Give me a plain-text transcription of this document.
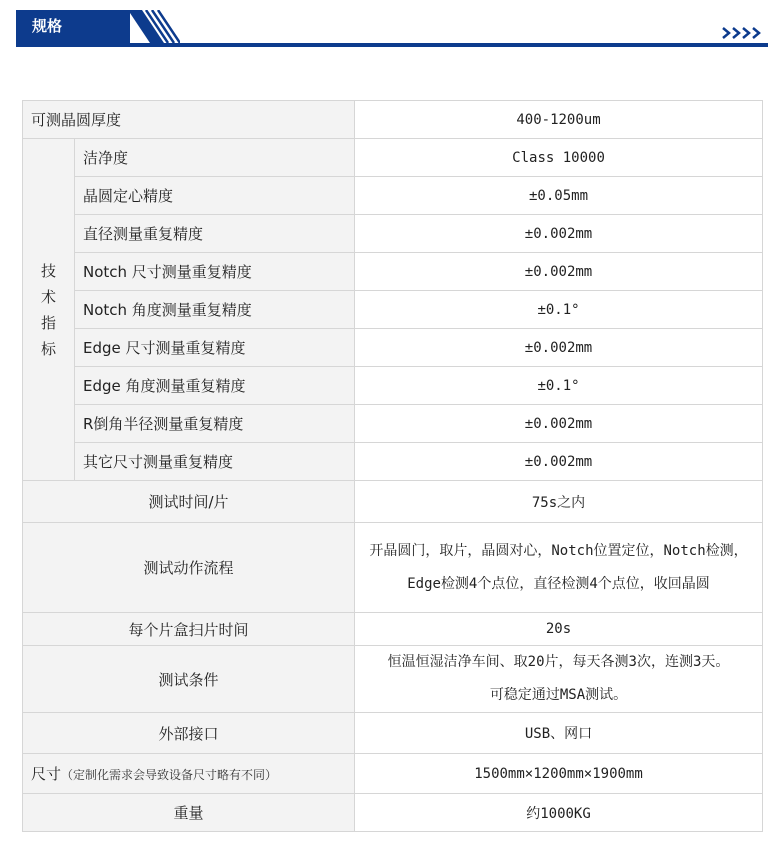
规格
可测晶圆厚度		400-1200um
技术指标	洁净度	Class 10000
	晶圆定心精度	±0.05mm
	直径测量重复精度	±0.002mm
	Notch 尺寸测量重复精度	±0.002mm
	Notch 角度测量重复精度	±0.1°
	Edge 尺寸测量重复精度	±0.002mm
	Edge 角度测量重复精度	±0.1°
	R倒角半径测量重复精度	±0.002mm
	其它尺寸测量重复精度	±0.002mm
测试时间/片		75s之内
测试动作流程		开晶圆门，取片，晶圆对心，Notch位置定位，Notch检测，Edge检测4个点位，直径检测4个点位，收回晶圆
每个片盒扫片时间		20s
测试条件		恒温恒湿洁净车间、取20片，每天各测3次，连测3天。可稳定通过MSA测试。
外部接口		USB、网口
尺寸（定制化需求会导致设备尺寸略有不同）		1500mm×1200mm×1900mm
重量		约1000KG
